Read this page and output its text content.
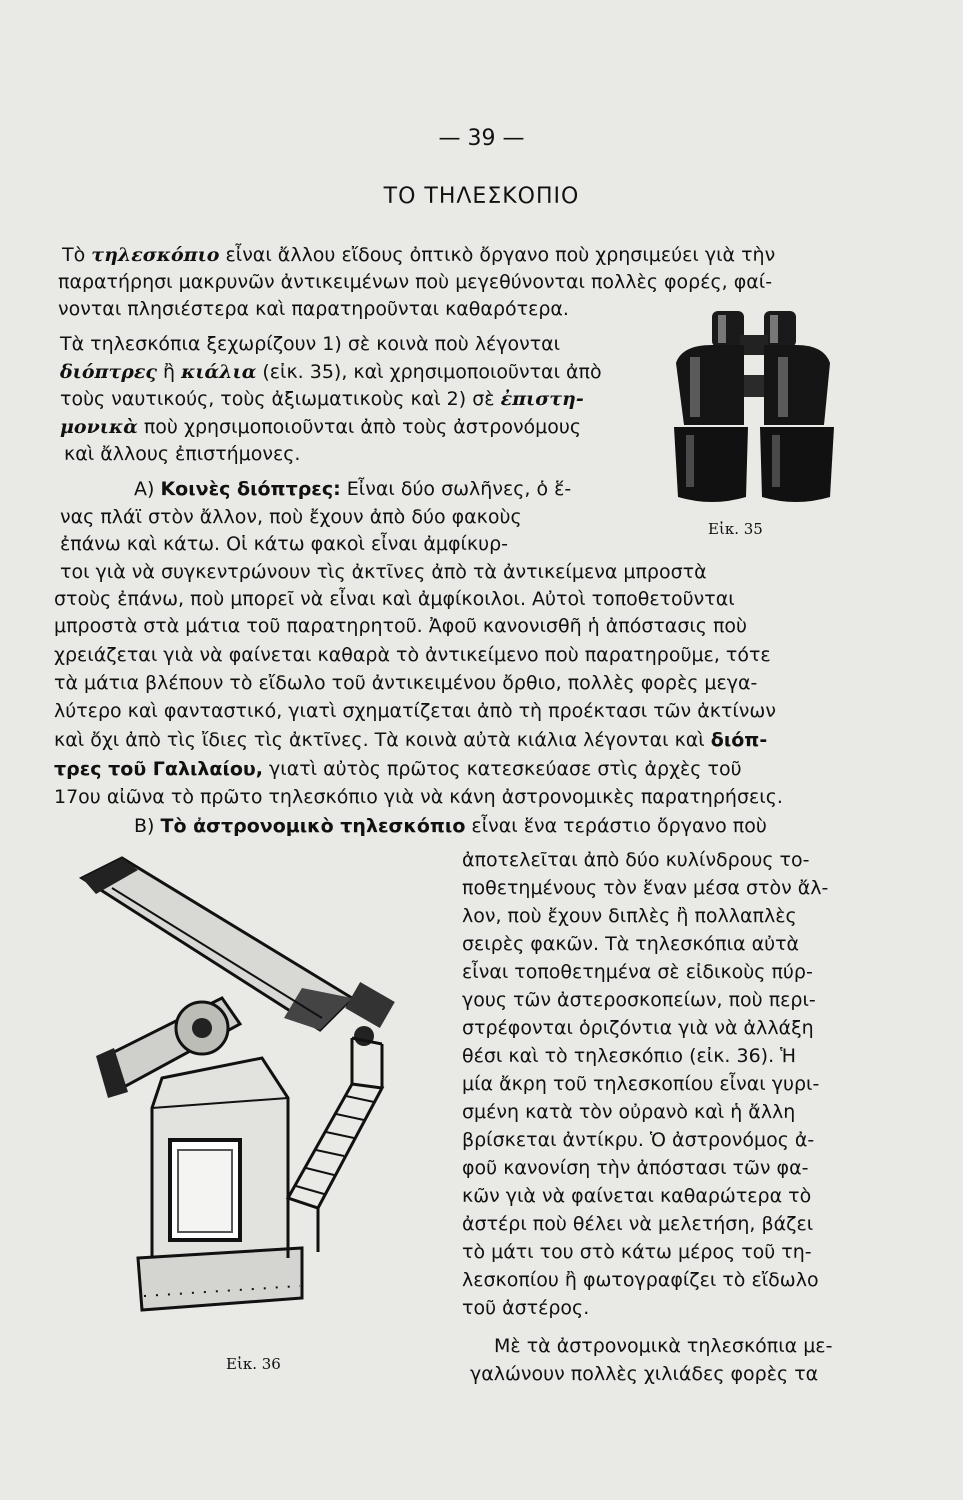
— 39 —
ΤΟ ΤΗΛΕΣΚΟΠΙΟ
Τὸ τηλεσκόπιο εἶναι ἄλλου εἴδους ὀπτικὸ ὄργανο ποὺ χρησιμεύει γιὰ τὴν
παρατήρησι μακρυνῶν ἀντικειμένων ποὺ μεγεθύνονται πολλὲς φορές, φαί-
νονται πλησιέστερα καὶ παρατηροῦνται καθαρότερα.
Τὰ τηλεσκόπια ξεχωρίζουν 1) σὲ κοινὰ ποὺ λέγονται
διόπτρες ἢ κιάλια (εἰκ. 35), καὶ χρησιμοποιοῦνται ἀπὸ
τοὺς ναυτικούς, τοὺς ἀξιωματικοὺς καὶ 2) σὲ ἐπιστη-
μονικὰ ποὺ χρησιμοποιοῦνται ἀπὸ τοὺς ἀστρονόμους
καὶ ἄλλους ἐπιστήμονες.
Α) Κοινὲς διόπτρες: Εἶναι δύο σωλῆνες, ὁ ἕ-
νας πλάϊ στὸν ἄλλον, ποὺ ἔχουν ἀπὸ δύο φακοὺς
ἐπάνω καὶ κάτω. Οἱ κάτω φακοὶ εἶναι ἀμφίκυρ-
τοι γιὰ νὰ συγκεντρώνουν τὶς ἀκτῖνες ἀπὸ τὰ ἀντικείμενα μπροστὰ
στοὺς ἐπάνω, ποὺ μπορεῖ νὰ εἶναι καὶ ἀμφίκοιλοι. Αὐτοὶ τοποθετοῦνται
μπροστὰ στὰ μάτια τοῦ παρατηρητοῦ. Ἀφοῦ κανονισθῆ ἡ ἀπόστασις ποὺ
χρειάζεται γιὰ νὰ φαίνεται καθαρὰ τὸ ἀντικείμενο ποὺ παρατηροῦμε, τότε
τὰ μάτια βλέπουν τὸ εἴδωλο τοῦ ἀντικειμένου ὄρθιο, πολλὲς φορὲς μεγα-
λύτερο καὶ φανταστικό, γιατὶ σχηματίζεται ἀπὸ τὴ προέκτασι τῶν ἀκτίνων
καὶ ὄχι ἀπὸ τὶς ἴδιες τὶς ἀκτῖνες. Τὰ κοινὰ αὐτὰ κιάλια λέγονται καὶ διόπ-
τρες τοῦ Γαλιλαίου, γιατὶ αὐτὸς πρῶτος κατεσκεύασε στὶς ἀρχὲς τοῦ
17ου αἰῶνα τὸ πρῶτο τηλεσκόπιο γιὰ νὰ κάνη ἀστρονομικὲς παρατηρήσεις.
Β) Τὸ ἀστρονομικὸ τηλεσκόπιο εἶναι ἕνα τεράστιο ὄργανο ποὺ
ἀποτελεῖται ἀπὸ δύο κυλίνδρους το-
ποθετημένους τὸν ἕναν μέσα στὸν ἄλ-
λον, ποὺ ἔχουν διπλὲς ἢ πολλαπλὲς
σειρὲς φακῶν. Τὰ τηλεσκόπια αὐτὰ
εἶναι τοποθετημένα σὲ εἰδικοὺς πύρ-
γους τῶν ἀστεροσκοπείων, ποὺ περι-
στρέφονται ὁριζόντια γιὰ νὰ ἀλλάξη
θέσι καὶ τὸ τηλεσκόπιο (εἰκ. 36). Ἡ
μία ἄκρη τοῦ τηλεσκοπίου εἶναι γυρι-
σμένη κατὰ τὸν οὐρανὸ καὶ ἡ ἄλλη
βρίσκεται ἀντίκρυ. Ὁ ἀστρονόμος ἀ-
φοῦ κανονίση τὴν ἀπόστασι τῶν φα-
κῶν γιὰ νὰ φαίνεται καθαρώτερα τὸ
ἀστέρι ποὺ θέλει νὰ μελετήση, βάζει
τὸ μάτι του στὸ κάτω μέρος τοῦ τη-
λεσκοπίου ἢ φωτογραφίζει τὸ εἴδωλο
τοῦ ἀστέρος.
Μὲ τὰ ἀστρονομικὰ τηλεσκόπια με-
γαλώνουν πολλὲς χιλιάδες φορὲς τα
Εἰκ. 35
Εἰκ. 36
